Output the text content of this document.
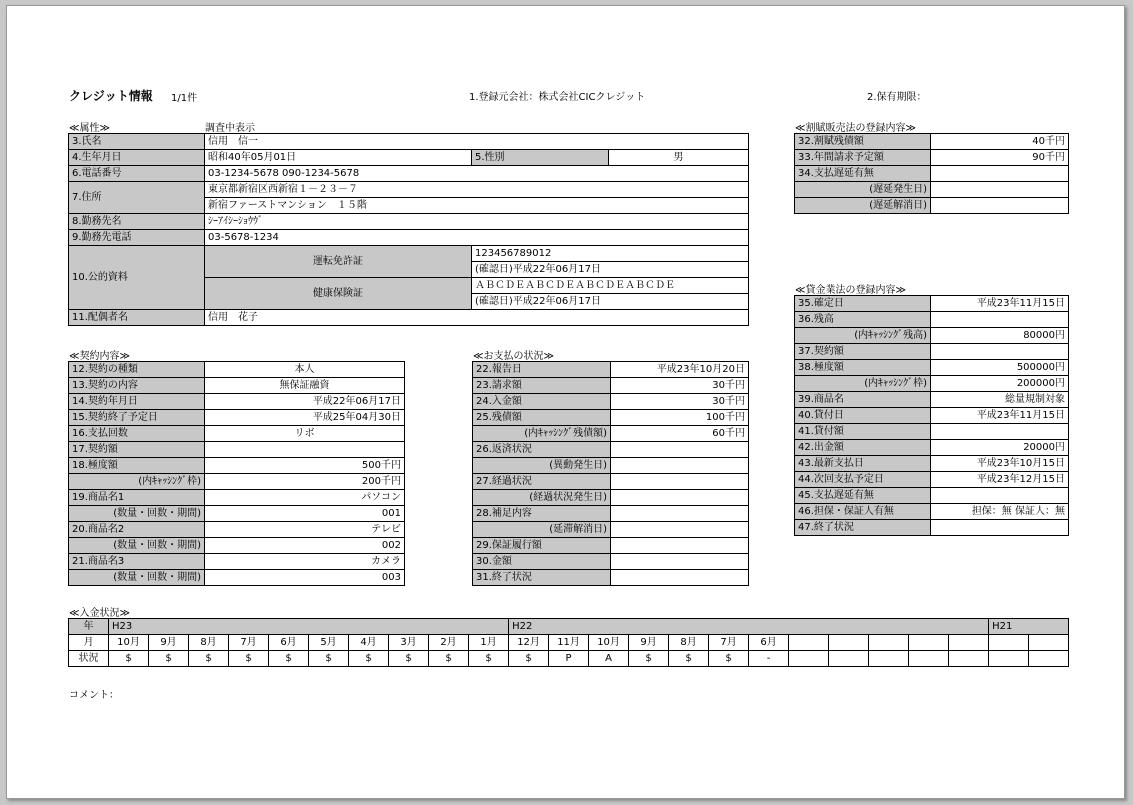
クレジット情報 1/1件	1.登録元会社：株式会社CICクレジット	2.保有期限：
≪属性≫	調査中表示
3.氏名	信用　信一		
4.生年月日	昭和40年05月01日	5.性別	男
6.電話番号	03-1234-5678 090-1234-5678		
7.住所	東京都新宿区西新宿１－２３－７		
	新宿ファーストマンション　１５階		
8.勤務先名	ｼｰｱｲｼｰｼｮｳｳﾞ		
9.勤務先電話	03-5678-1234		
10.公的資料	運転免許証	123456789012	
		(確認日)平成22年06月17日	
	健康保険証	ＡＢＣＤＥＡＢＣＤＥＡＢＣＤＥＡＢＣＤＥ	
		(確認日)平成22年06月17日	
11.配偶者名	信用　花子		
≪割賦販売法の登録内容≫
32.割賦残債額	40千円
33.年間請求予定額	90千円
34.支払遅延有無	
(遅延発生日)	
(遅延解消日)	
≪貸金業法の登録内容≫
35.確定日	平成23年11月15日
36.残高	
(内ｷｬｯｼﾝｸﾞ残高)	80000円
37.契約額	
38.極度額	500000円
(内ｷｬｯｼﾝｸﾞ枠)	200000円
39.商品名	総量規制対象
40.貸付日	平成23年11月15日
41.貸付額	
42.出金額	20000円
43.最新支払日	平成23年10月15日
44.次回支払予定日	平成23年12月15日
45.支払遅延有無	
46.担保・保証人有無	担保：無 保証人：無
47.終了状況	
≪契約内容≫
12.契約の種類	本人
13.契約の内容	無保証融資
14.契約年月日	平成22年06月17日
15.契約終了予定日	平成25年04月30日
16.支払回数	リボ
17.契約額	
18.極度額	500千円
(内ｷｬｯｼﾝｸﾞ枠)	200千円
19.商品名1	パソコン
(数量・回数・期間)	001
20.商品名2	テレビ
(数量・回数・期間)	002
21.商品名3	カメラ
(数量・回数・期間)	003
≪お支払の状況≫
22.報告日	平成23年10月20日
23.請求額	30千円
24.入金額	30千円
25.残債額	100千円
(内ｷｬｯｼﾝｸﾞ残債額)	60千円
26.返済状況	
(異動発生日)	
27.経過状況	
(経過状況発生日)	
28.補足内容	
(延滞解消日)	
29.保証履行額	
30.金額	
31.終了状況	
≪入金状況≫
年	H23										H22												H21	
月	10月	9月	8月	7月	6月	5月	4月	3月	2月	1月	12月	11月	10月	9月	8月	7月	6月							
状況	$	$	$	$	$	$	$	$	$	$	$	P	A	$	$	$	-							
コメント：
